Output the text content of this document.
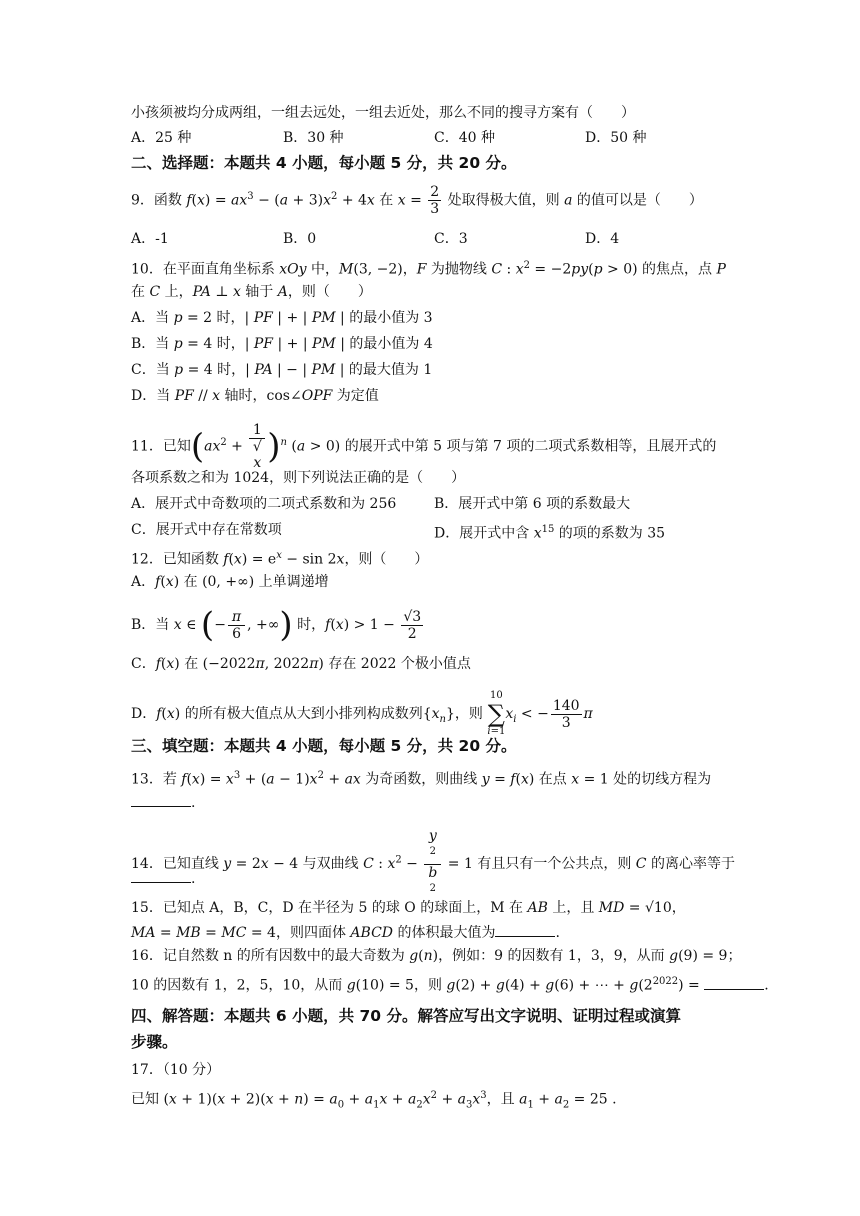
小孩须被均分成两组，一组去远处，一组去近处，那么不同的搜寻方案有（　　）
A．25 种	B．30 种	C．40 种	D．50 种
二、选择题：本题共 4 小题，每小题 5 分，共 20 分。
9．函数 $f(x) = ax^3 - (a + 3)x^2 + 4x$ 在 $x = \frac{2}{3}$ 处取得极大值，则 a 的值可以是（　　）
A．-1	B．0	C．3	D．4
10．在平面直角坐标系 xOy 中，M(3, −2)，F 为抛物线 C : $x^2 = -2py(p > 0)$ 的焦点，点 P
在 C 上，PA ⊥ x 轴于 A，则（　　）
A．当 p = 2 时，| PF | + | PM | 的最小值为 3
B．当 p = 4 时，| PF | + | PM | 的最小值为 4
C．当 p = 4 时，| PA | − | PM | 的最大值为 1
D．当 PF // x 轴时，cos∠OPF 为定值
11．已知($ax^2 + 1$
√
x )$^n$ (a > 0) 的展开式中第 5 项与第 7 项的二项式系数相等，且展开式的
各项系数之和为 1024，则下列说法正确的是（　　）
A．展开式中奇数项的二项式系数和为 256	B．展开式中第 6 项的系数最大
C．展开式中存在常数项	D．展开式中含 $x^{15}$ 的项的系数为 35
12．已知函数 $f(x) = e^x - \sin 2x$，则（　　）
A．f(x) 在 (0, +∞) 上单调递增
B．当 x ∈ (− $\frac{\pi}{6}$ , +∞) 时，$f(x) > 1 - \frac{√3}{2}$
C．f(x) 在 (−2022π, 2022π) 存在 2022 个极小值点
D．f(x) 的所有极大值点从大到小排列构成数列$\{x_n\}$，则 10
∑
$i=1x_i$ < − $\frac{140}{3}$ π
三、填空题：本题共 4 小题，每小题 5 分，共 20 分。
13．若 $f(x) = x^3 + (a - 1)x^2$ + ax 为奇函数，则曲线 y = f(x) 在点 x = 1 处的切线方程为
.
14．已知直线 y = 2x − 4 与双曲线 C : $x^2 - y$
$^2$
b
$^2$ = 1 有且只有一个公共点，则 C 的离心率等于
.
15．已知点 A，B，C，D 在半径为 5 的球 O 的球面上，M 在 AB 上，且 MD = √10，
MA = MB = MC = 4，则四面体 ABCD 的体积最大值为	.
16．记自然数 n 的所有因数中的最大奇数为 g(n)，例如：9 的因数有 1，3，9，从而 g(9) = 9；
10 的因数有 1，2，5，10，从而 g(10) = 5，则 g(2) + g(4) + g(6) + ⋯ + $g(2^{2022})$ =	.
四、解答题：本题共 6 小题，共 70 分。解答应写出文字说明、证明过程或演算
步骤。
17．（10 分）
已知 $(x + 1)(x + 2)(x + n) = a_0 + a_1x + a_2x^2 + a_3x^3$，且 $a_1 + a_2 = 25$ .
